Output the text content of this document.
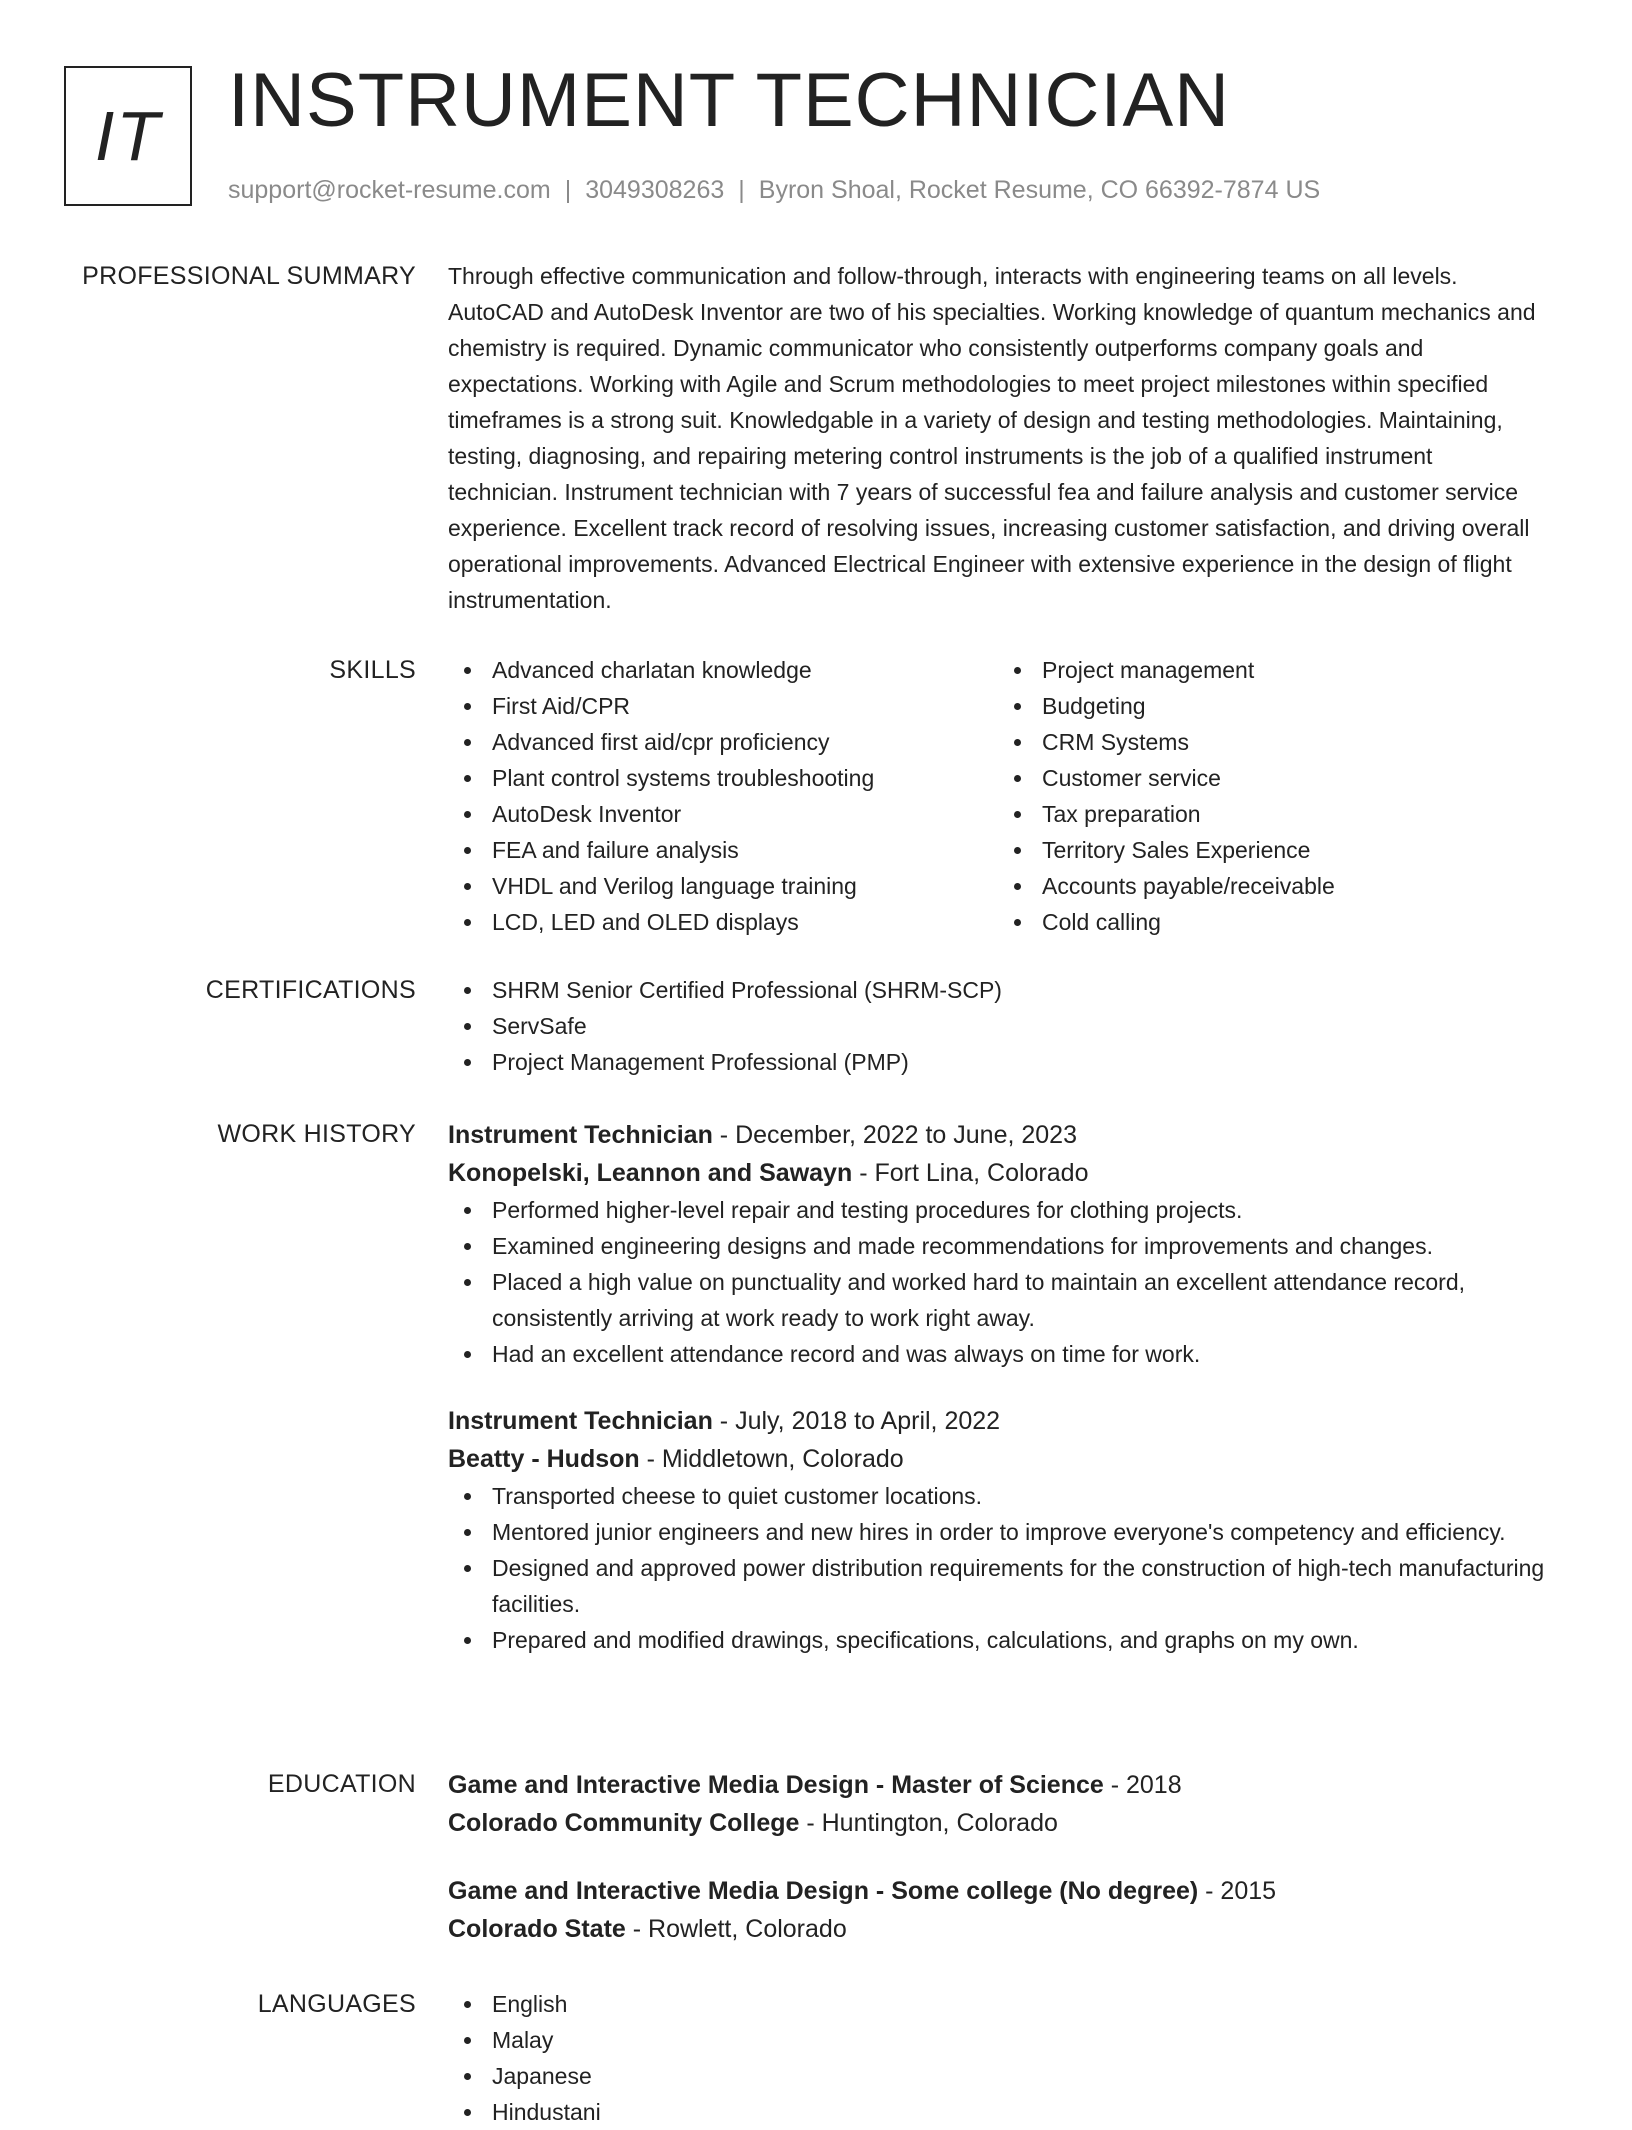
IT INSTRUMENT TECHNICIAN
support@rocket-resume.com | 3049308263 | Byron Shoal, Rocket Resume, CO 66392-7874 US
PROFESSIONAL SUMMARY Through effective communication and follow-through, interacts with engineering teams on all levels. AutoCAD and AutoDesk Inventor are two of his specialties. Working knowledge of quantum mechanics and chemistry is required. Dynamic communicator who consistently outperforms company goals and expectations. Working with Agile and Scrum methodologies to meet project milestones within specified timeframes is a strong suit. Knowledgable in a variety of design and testing methodologies. Maintaining, testing, diagnosing, and repairing metering control instruments is the job of a qualified instrument technician. Instrument technician with 7 years of successful fea and failure analysis and customer service experience. Excellent track record of resolving issues, increasing customer satisfaction, and driving overall operational improvements. Advanced Electrical Engineer with extensive experience in the design of flight instrumentation.

SKILLS	Advanced charlatan knowledge
First Aid/CPR
Advanced first aid/cpr proficiency
Plant control systems troubleshooting
AutoDesk Inventor
FEA and failure analysis
VHDL and Verilog language training
LCD, LED and OLED displays
Project management
Budgeting
CRM Systems
Customer service
Tax preparation
Territory Sales Experience
Accounts payable/receivable
Cold calling
CERTIFICATIONS	SHRM Senior Certified Professional (SHRM-SCP)
ServSafe
Project Management Professional (PMP)
WORK HISTORY Instrument Technician - December, 2022 to June, 2023
Konopelski, Leannon and Sawayn - Fort Lina, Colorado
Performed higher-level repair and testing procedures for clothing projects.
Examined engineering designs and made recommendations for improvements and changes.
Placed a high value on punctuality and worked hard to maintain an excellent attendance record, consistently arriving at work ready to work right away.
Had an excellent attendance record and was always on time for work.
Instrument Technician - July, 2018 to April, 2022
Beatty - Hudson - Middletown, Colorado
Transported cheese to quiet customer locations.
Mentored junior engineers and new hires in order to improve everyone's competency and efficiency.
Designed and approved power distribution requirements for the construction of high-tech manufacturing facilities.
Prepared and modified drawings, specifications, calculations, and graphs on my own.
EDUCATION Game and Interactive Media Design - Master of Science - 2018
Colorado Community College - Huntington, Colorado
Game and Interactive Media Design - Some college (No degree) - 2015
Colorado State - Rowlett, Colorado
LANGUAGES	English
Malay
Japanese
Hindustani
